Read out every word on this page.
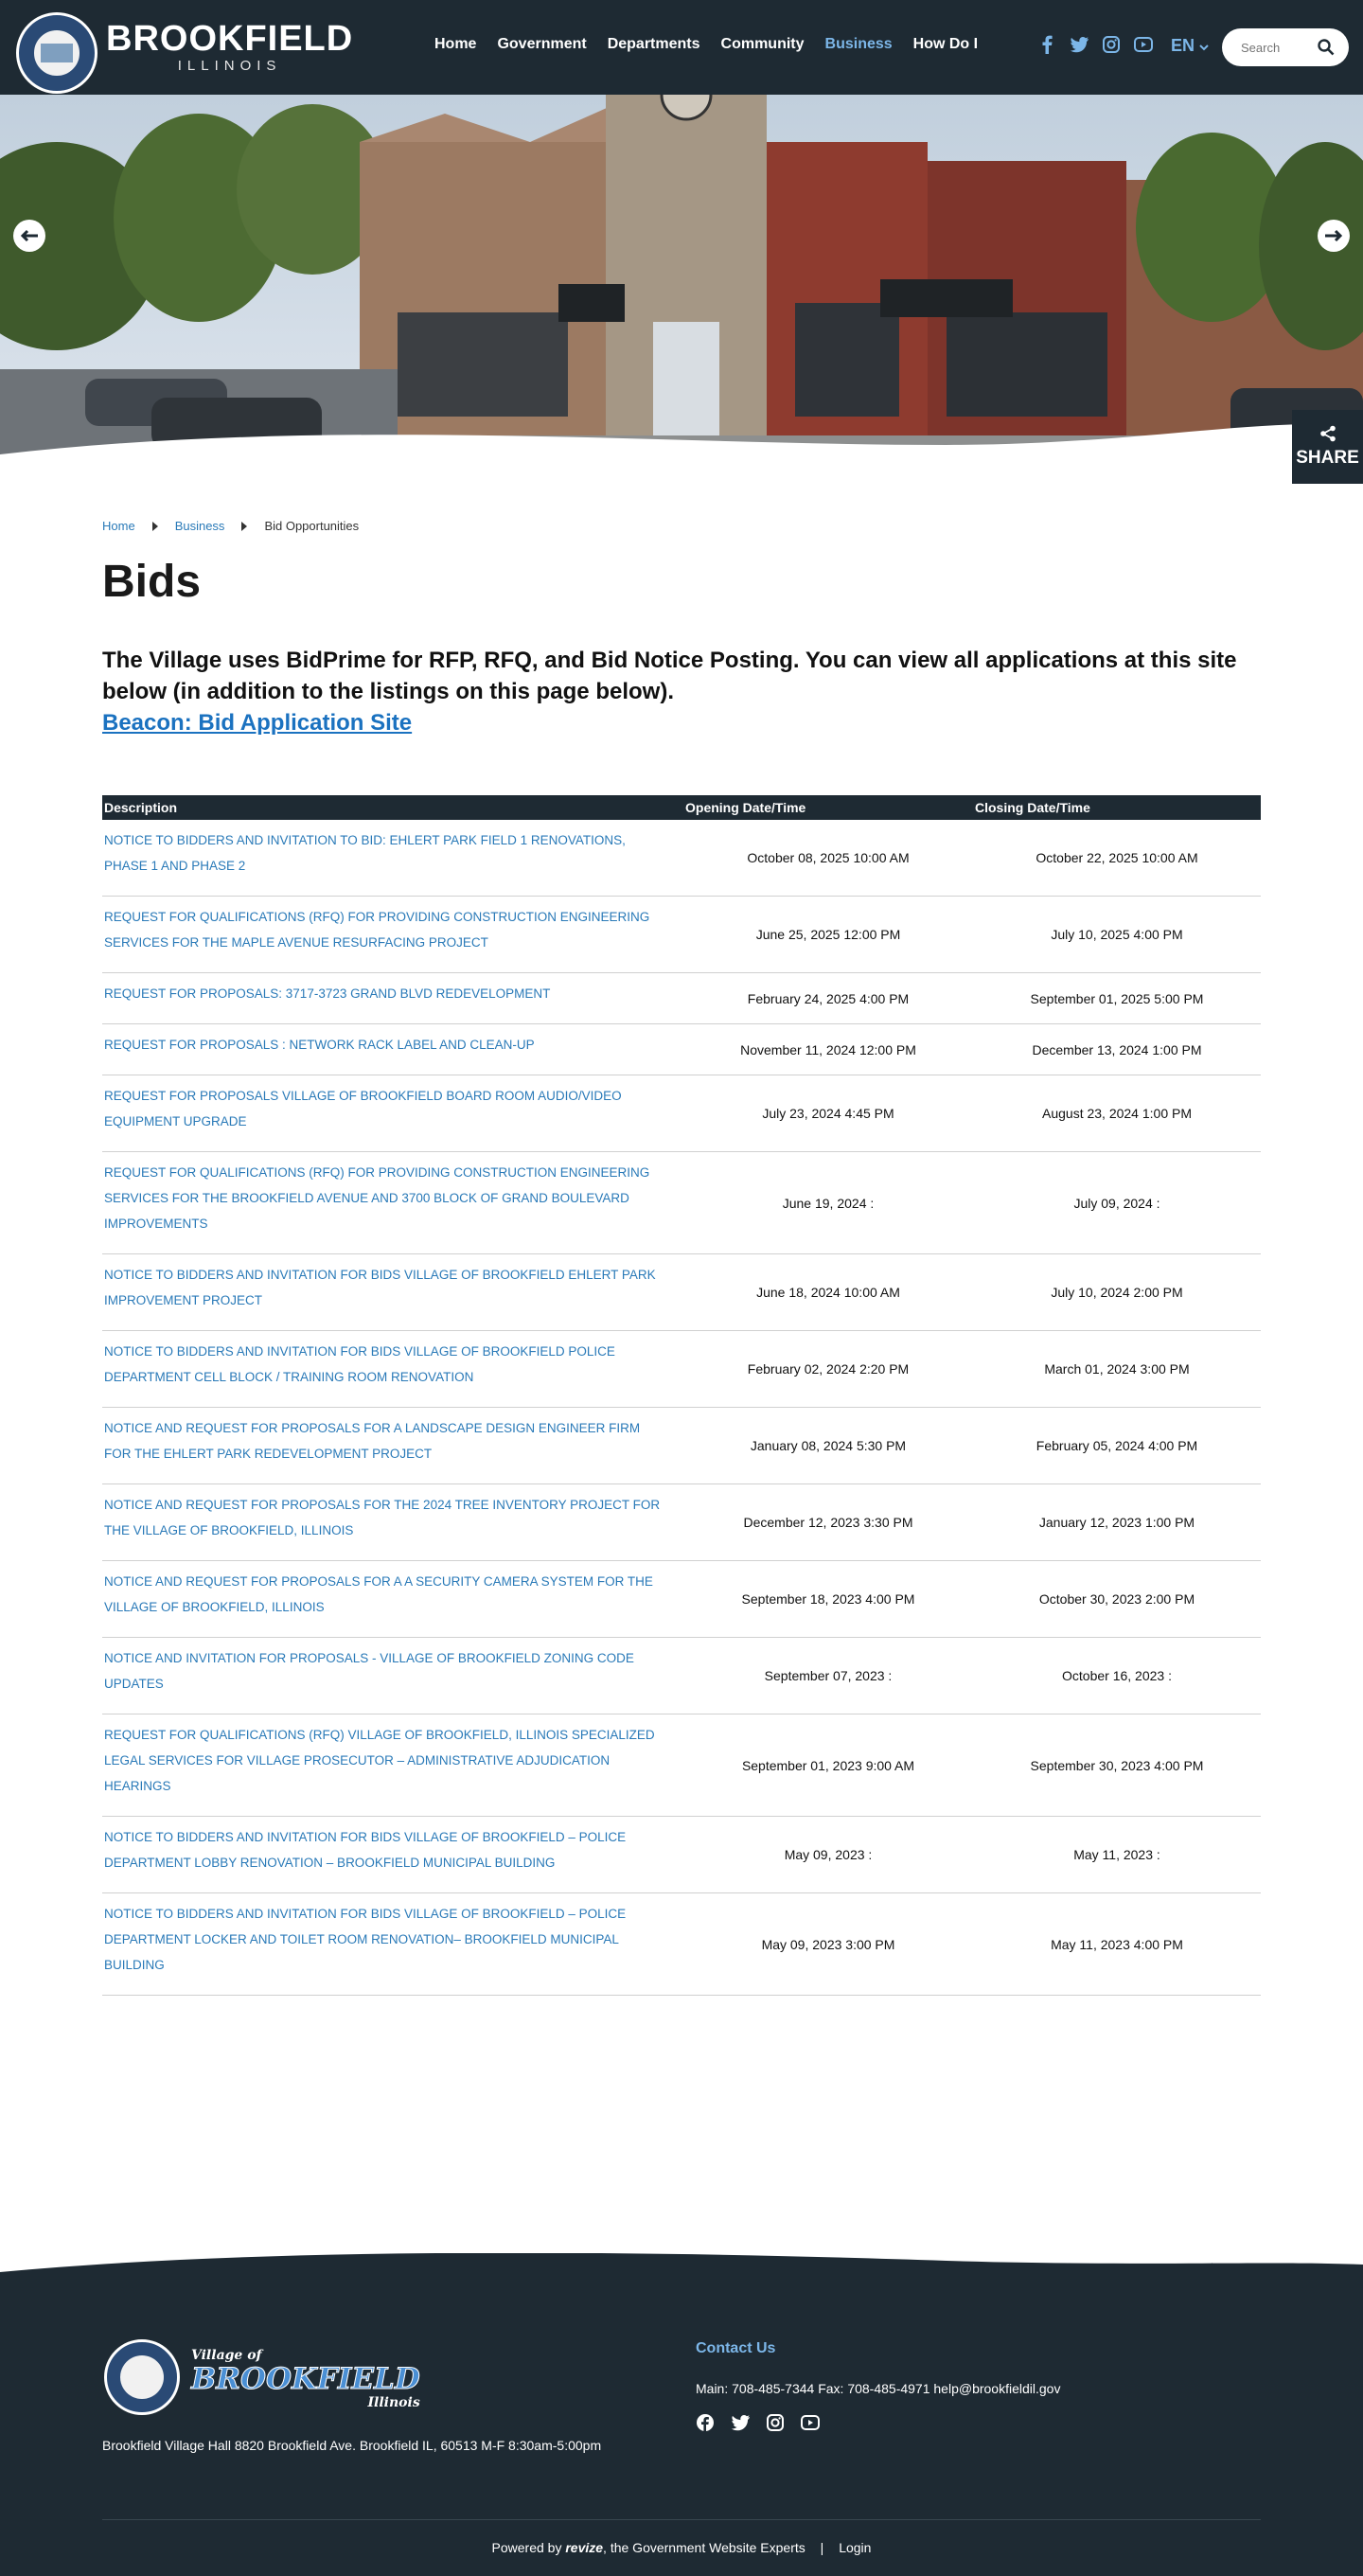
SHARE
BROOKFIELD
ILLINOIS
Home Government Departments Community Business How Do I	EN
Search
Home	Business	Bid Opportunities
Bids

The Village uses BidPrime for RFP, RFQ, and Bid Notice Posting. You can view all applications at this site below (in addition to the listings on this page below).

Beacon: Bid Application Site
Description	Opening Date/Time	Closing Date/Time
NOTICE TO BIDDERS AND INVITATION TO BID: EHLERT PARK FIELD 1 RENOVATIONS, PHASE 1 AND PHASE 2	October 08, 2025 10:00 AM	October 22, 2025 10:00 AM
REQUEST FOR QUALIFICATIONS (RFQ) FOR PROVIDING CONSTRUCTION ENGINEERING SERVICES FOR THE MAPLE AVENUE RESURFACING PROJECT	June 25, 2025 12:00 PM	July 10, 2025 4:00 PM
REQUEST FOR PROPOSALS: 3717-3723 GRAND BLVD REDEVELOPMENT	February 24, 2025 4:00 PM	September 01, 2025 5:00 PM
REQUEST FOR PROPOSALS : NETWORK RACK LABEL AND CLEAN-UP	November 11, 2024 12:00 PM	December 13, 2024 1:00 PM
REQUEST FOR PROPOSALS VILLAGE OF BROOKFIELD BOARD ROOM AUDIO/VIDEO EQUIPMENT UPGRADE	July 23, 2024 4:45 PM	August 23, 2024 1:00 PM
REQUEST FOR QUALIFICATIONS (RFQ) FOR PROVIDING CONSTRUCTION ENGINEERING SERVICES FOR THE BROOKFIELD AVENUE AND 3700 BLOCK OF GRAND BOULEVARD IMPROVEMENTS	June 19, 2024 :	July 09, 2024 :
NOTICE TO BIDDERS AND INVITATION FOR BIDS VILLAGE OF BROOKFIELD EHLERT PARK IMPROVEMENT PROJECT	June 18, 2024 10:00 AM	July 10, 2024 2:00 PM
NOTICE TO BIDDERS AND INVITATION FOR BIDS VILLAGE OF BROOKFIELD POLICE DEPARTMENT CELL BLOCK / TRAINING ROOM RENOVATION	February 02, 2024 2:20 PM	March 01, 2024 3:00 PM
NOTICE AND REQUEST FOR PROPOSALS FOR A LANDSCAPE DESIGN ENGINEER FIRM FOR THE EHLERT PARK REDEVELOPMENT PROJECT	January 08, 2024 5:30 PM	February 05, 2024 4:00 PM
NOTICE AND REQUEST FOR PROPOSALS FOR THE 2024 TREE INVENTORY PROJECT FOR THE VILLAGE OF BROOKFIELD, ILLINOIS	December 12, 2023 3:30 PM	January 12, 2023 1:00 PM
NOTICE AND REQUEST FOR PROPOSALS FOR A A SECURITY CAMERA SYSTEM FOR THE VILLAGE OF BROOKFIELD, ILLINOIS	September 18, 2023 4:00 PM	October 30, 2023 2:00 PM
NOTICE AND INVITATION FOR PROPOSALS - VILLAGE OF BROOKFIELD ZONING CODE UPDATES	September 07, 2023 :	October 16, 2023 :
REQUEST FOR QUALIFICATIONS (RFQ) VILLAGE OF BROOKFIELD, ILLINOIS SPECIALIZED LEGAL SERVICES FOR VILLAGE PROSECUTOR – ADMINISTRATIVE ADJUDICATION HEARINGS	September 01, 2023 9:00 AM	September 30, 2023 4:00 PM
NOTICE TO BIDDERS AND INVITATION FOR BIDS VILLAGE OF BROOKFIELD – POLICE DEPARTMENT LOBBY RENOVATION – BROOKFIELD MUNICIPAL BUILDING	May 09, 2023 :	May 11, 2023 :
NOTICE TO BIDDERS AND INVITATION FOR BIDS VILLAGE OF BROOKFIELD – POLICE DEPARTMENT LOCKER AND TOILET ROOM RENOVATION– BROOKFIELD MUNICIPAL BUILDING	May 09, 2023 3:00 PM	May 11, 2023 4:00 PM
Village of
BROOKFIELD
Illinois
Brookfield Village Hall 8820 Brookfield Ave. Brookfield IL, 60513 M-F 8:30am-5:00pm
Contact Us
Main: 708-485-7344 Fax: 708-485-4971 help@brookfieldil.gov
Powered by revize, the Government Website Experts | Login
